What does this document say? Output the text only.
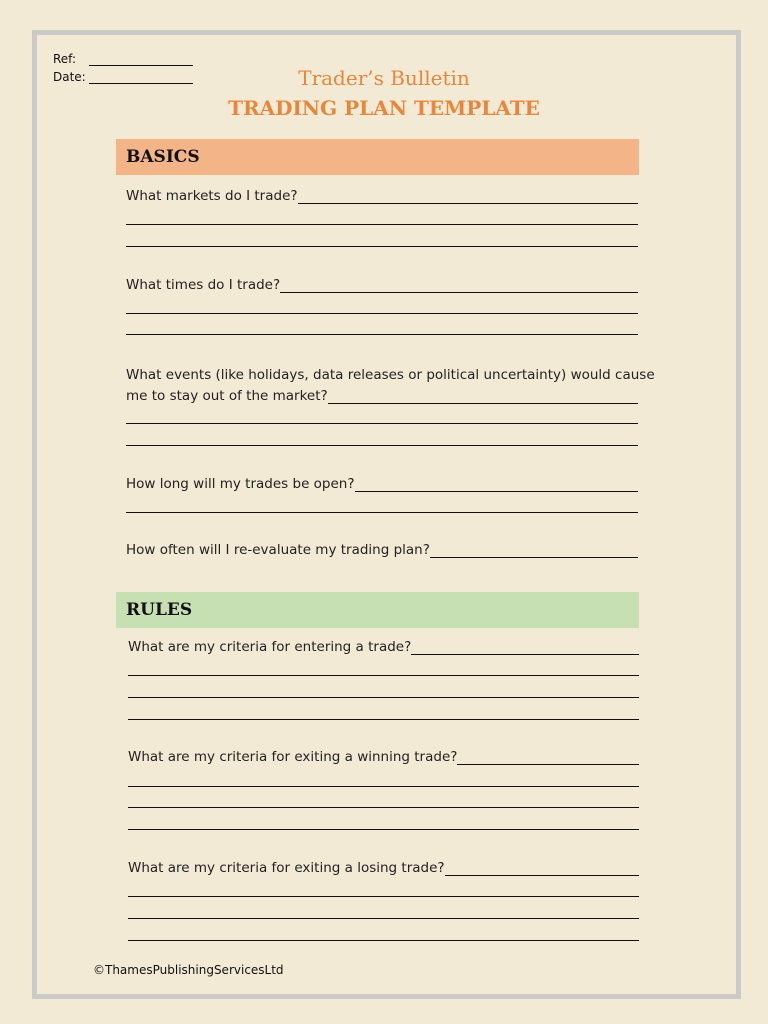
Ref:
Date:	Trader’s Bulletin
TRADING PLAN TEMPLATE
BASICS
What markets do I trade?
What times do I trade?
What events (like holidays, data releases or political uncertainty) would cause
me to stay out of the market?
How long will my trades be open?
How often will I re-evaluate my trading plan?
RULES
What are my criteria for entering a trade?
What are my criteria for exiting a winning trade?
What are my criteria for exiting a losing trade?
©ThamesPublishingServicesLtd
